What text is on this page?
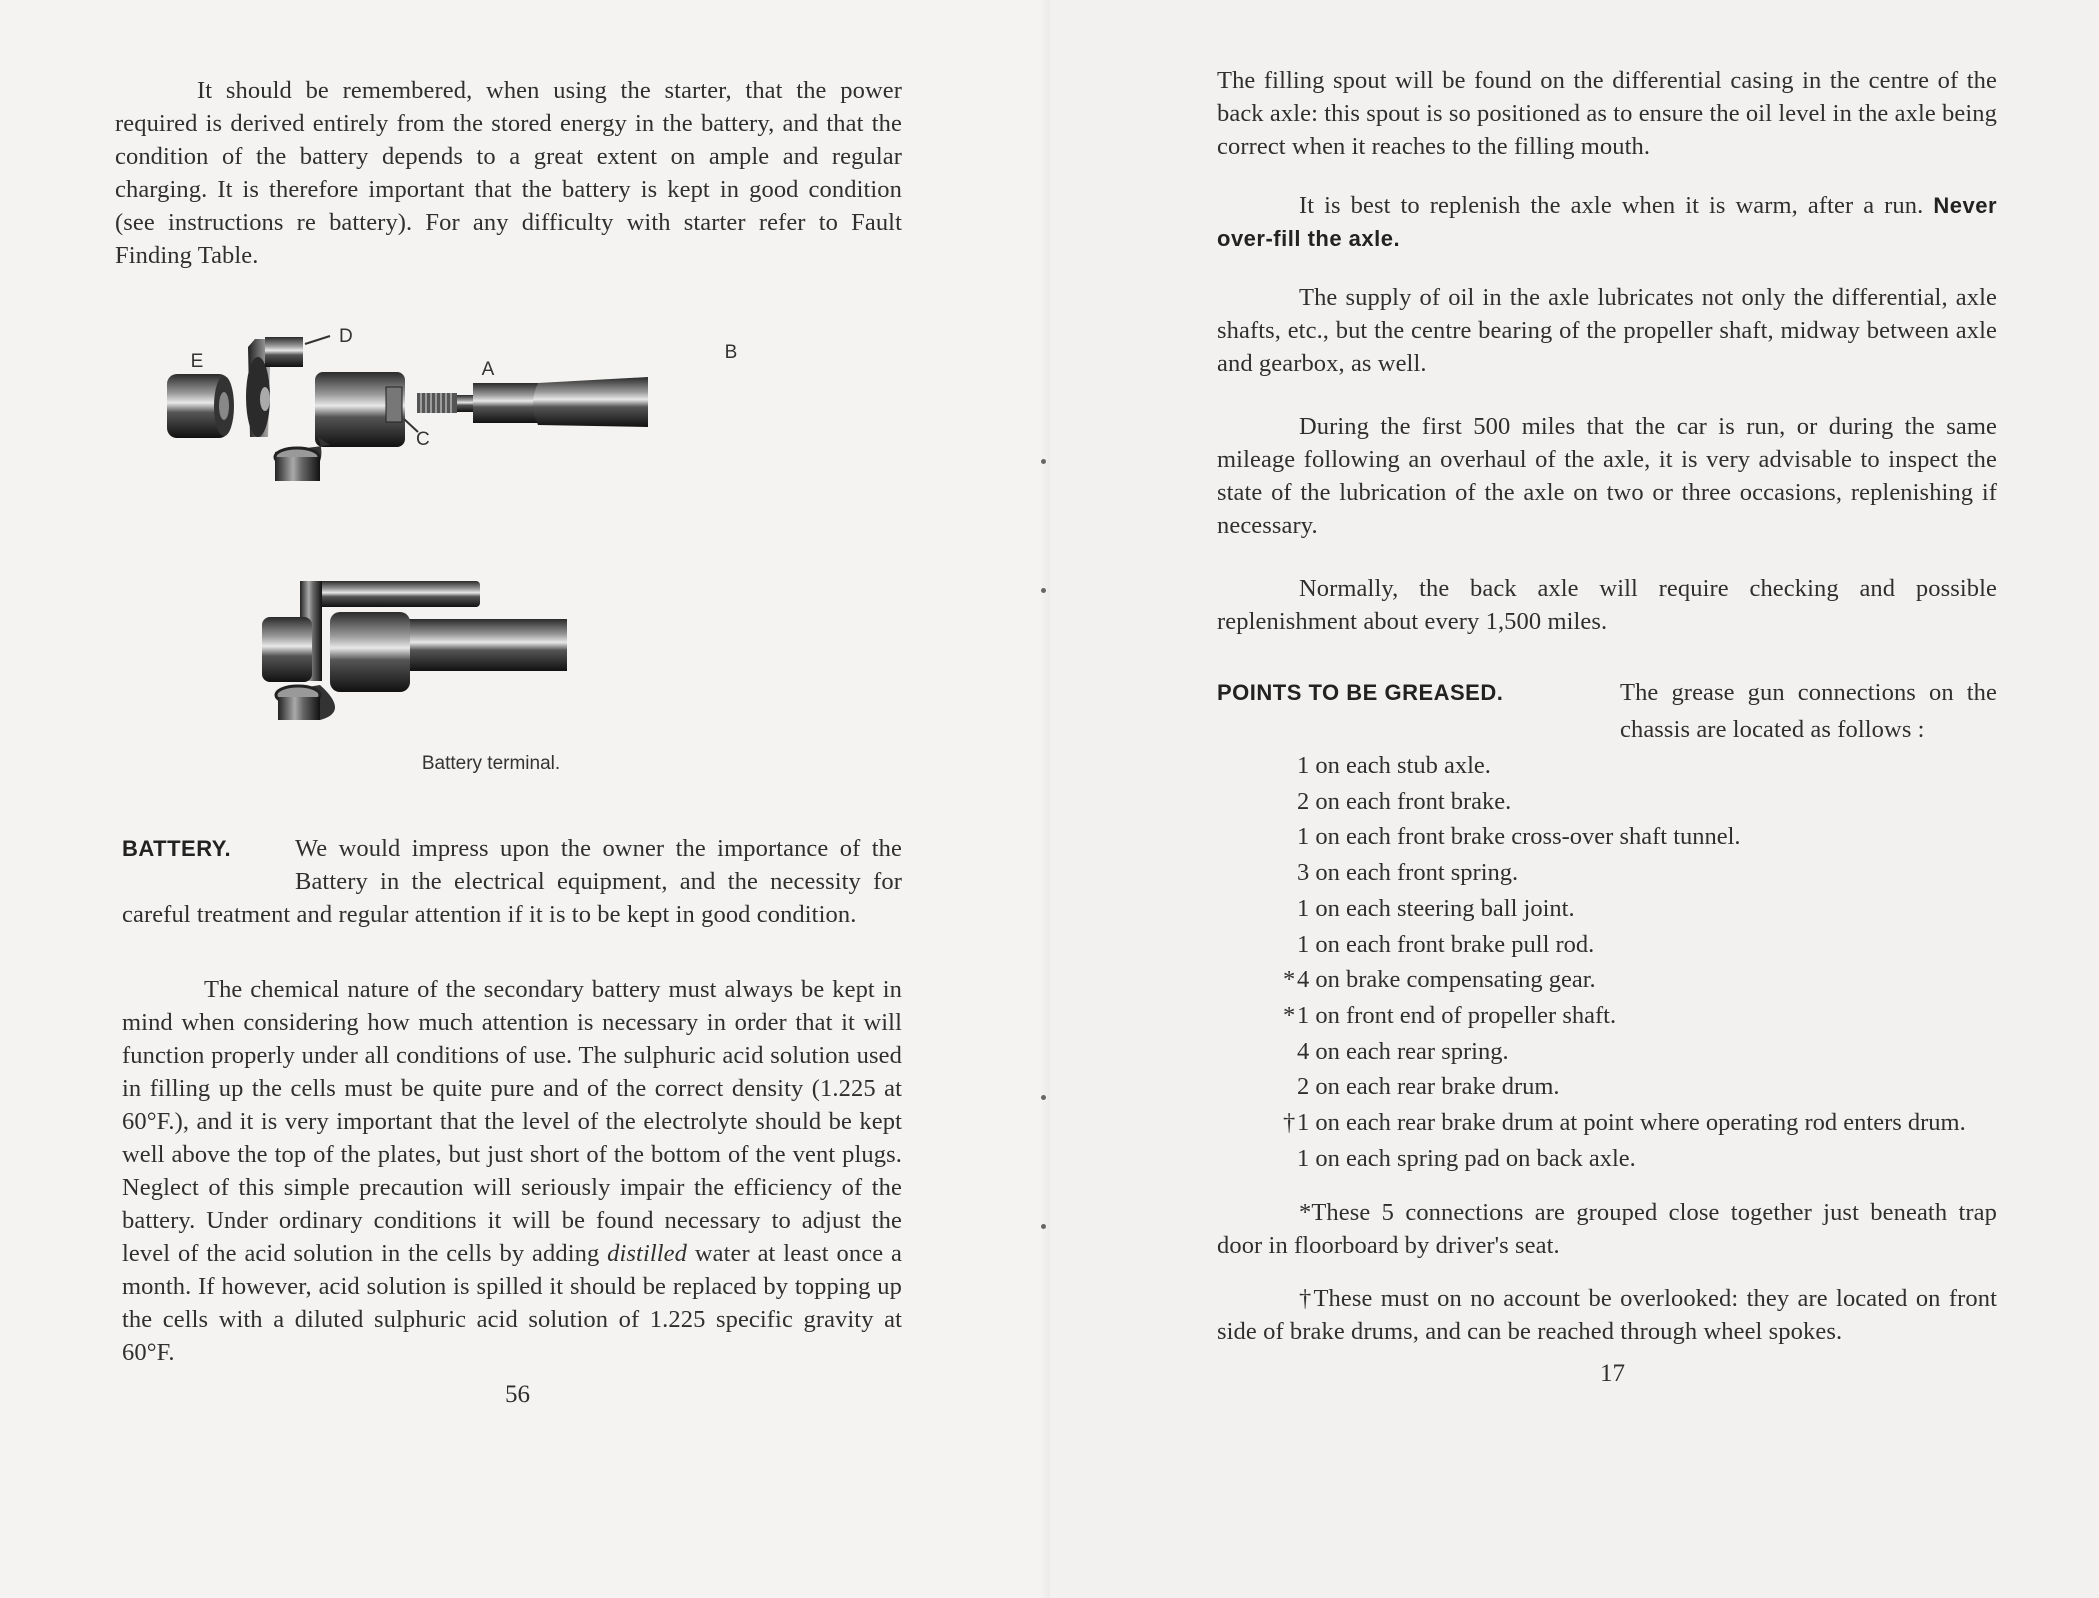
It should be remembered, when using the starter, that the power required is derived entirely from the stored energy in the battery, and that the condition of the battery depends to a great extent on ample and regular charging. It is therefore important that the battery is kept in good condition (see instructions re battery). For any difficulty with starter refer to Fault Finding Table.
E
D
C
A
B
Battery terminal.
BATTERY.	We would impress upon the owner the importance of the Battery in the electrical equipment, and the necessity for careful treatment and regular attention if it is to be kept in good condition.
The chemical nature of the secondary battery must always be kept in mind when considering how much attention is necessary in order that it will function properly under all conditions of use. The sulphuric acid solution used in filling up the cells must be quite pure and of the correct density (1.225 at 60°F.), and it is very important that the level of the electrolyte should be kept well above the top of the plates, but just short of the bottom of the vent plugs. Neglect of this simple precaution will seriously impair the efficiency of the battery. Under ordinary conditions it will be found necessary to adjust the level of the acid solution in the cells by adding distilled water at least once a month. If however, acid solution is spilled it should be replaced by topping up the cells with a diluted sulphuric acid solution of 1.225 specific gravity at 60°F.
56
The filling spout will be found on the differential casing in the centre of the back axle: this spout is so positioned as to ensure the oil level in the axle being correct when it reaches to the filling mouth.
It is best to replenish the axle when it is warm, after a run. Never over-fill the axle.
The supply of oil in the axle lubricates not only the differential, axle shafts, etc., but the centre bearing of the propeller shaft, midway between axle and gearbox, as well.
During the first 500 miles that the car is run, or during the same mileage following an overhaul of the axle, it is very advisable to inspect the state of the lubrication of the axle on two or three occasions, replenishing if necessary.
Normally, the back axle will require checking and possible replenishment about every 1,500 miles.
POINTS TO BE GREASED.	The grease gun connections on the chassis are located as follows :
1 on each stub axle.
2 on each front brake.
1 on each front brake cross-over shaft tunnel.
3 on each front spring.
1 on each steering ball joint.
1 on each front brake pull rod.
* 4 on brake compensating gear.
* 1 on front end of propeller shaft.
4 on each rear spring.
2 on each rear brake drum.
† 1 on each rear brake drum at point where operating rod enters drum.
1 on each spring pad on back axle.
*These 5 connections are grouped close together just beneath trap door in floorboard by driver's seat.
†These must on no account be overlooked: they are located on front side of brake drums, and can be reached through wheel spokes.
17
